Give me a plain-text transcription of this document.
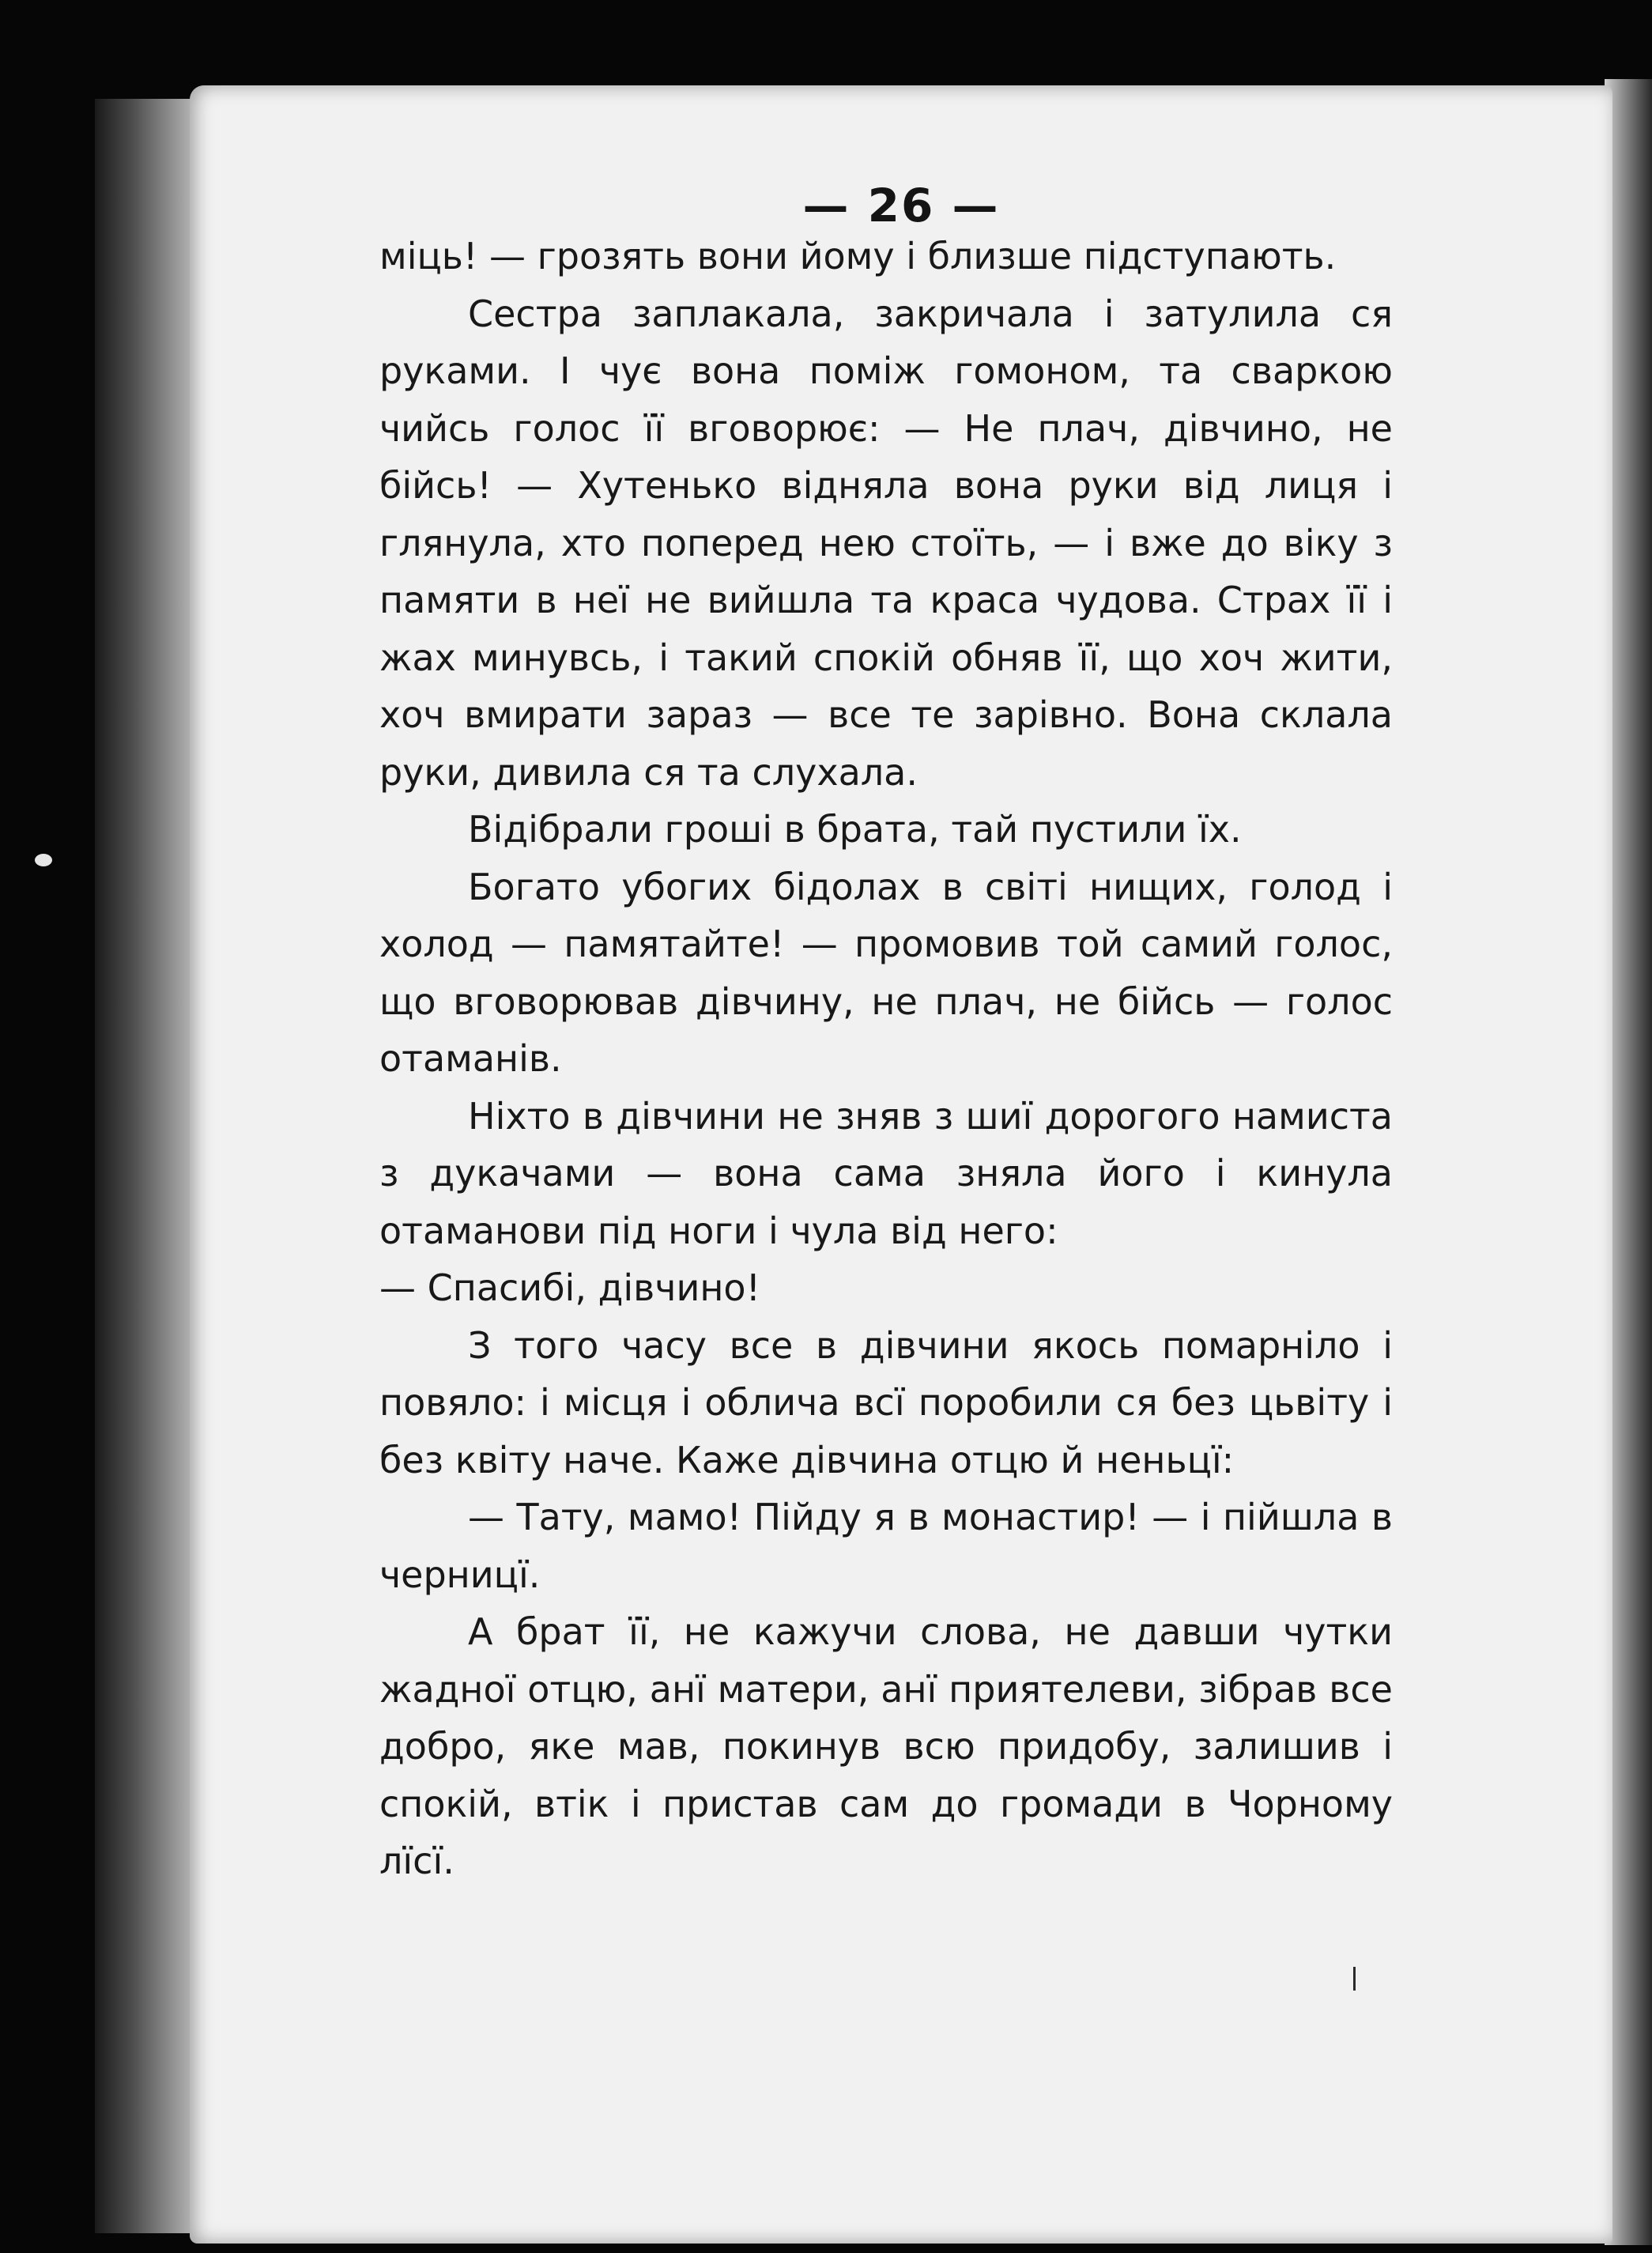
— 26 —

міць! — грозять вони йому і близше підступають.

Сестра заплакала, закричала і затулила ся руками. І чує вона поміж гомоном, та сваркою чийсь голос її вговорює: — Не плач, дівчино, не бійсь! — Хутенько відняла вона руки від лиця і глянула, хто поперед нею стоїть, — і вже до віку з памяти в неї не вийшла та краса чудова. Страх її і жах минувсь, і такий спокій обняв її, що хоч жити, хоч вмирати зараз — все те зарівно. Вона склала руки, дивила ся та слухала.

Відібрали гроші в брата, тай пустили їх.

Богато убогих бідолах в світі нищих, голод і холод — памятайте! — промовив той самий голос, що вговорював дівчину, не плач, не бійсь — голос отаманів.

Ніхто в дівчини не зняв з шиї дорогого намиста з дукачами — вона сама зняла його і кинула отаманови під ноги і чула від него:

— Спасибі, дівчино!

З того часу все в дівчини якось помарніло і повяло: і місця і облича всї поробили ся без цьвіту і без квіту наче. Каже дівчина отцю й неньцї:

— Тату, мамо! Пійду я в монастир! — і пійшла в черницї.

А брат її, не кажучи слова, не давши чутки жадної отцю, анї матери, анї приятелеви, зібрав все добро, яке мав, покинув всю придобу, залишив і спокій, втік і пристав сам до громади в Чорному лїсї.
